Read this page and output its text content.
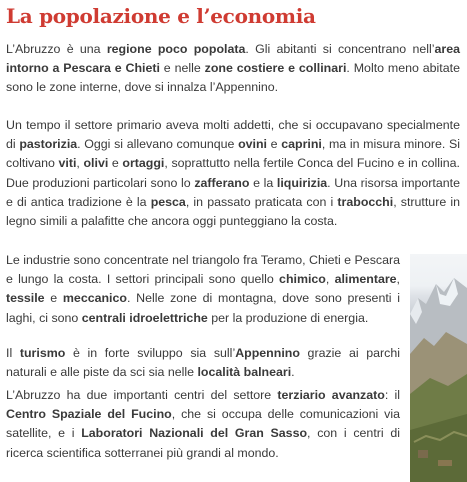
La popolazione e l’economia

L’Abruzzo è una regione poco popolata. Gli abitanti si concentrano nell’area intorno a Pescara e Chieti e nelle zone costiere e collinari. Molto meno abitate sono le zone interne, dove si innalza l’Appennino.

Un tempo il settore primario aveva molti addetti, che si occupavano specialmente di pastorizia. Oggi si allevano comunque ovini e caprini, ma in misura minore. Si coltivano viti, olivi e ortaggi, soprattutto nella fertile Conca del Fucino e in collina. Due produzioni particolari sono lo zafferano e la liquirizia. Una risorsa importante e di antica tradizione è la pesca, in passato praticata con i trabocchi, strutture in legno simili a palafitte che ancora oggi punteggiano la costa.

Le industrie sono concentrate nel triangolo fra Teramo, Chieti e Pescara e lungo la costa. I settori principali sono quello chimico, alimentare, tessile e meccanico. Nelle zone di montagna, dove sono presenti i laghi, ci sono centrali idroelettriche per la produzione di energia.

Il turismo è in forte sviluppo sia sull’Appennino grazie ai parchi naturali e alle piste da sci sia nelle località balneari.

L’Abruzzo ha due importanti centri del settore terziario avanzato: il Centro Spaziale del Fucino, che si occupa delle comunicazioni via satellite, e i Laboratori Nazionali del Gran Sasso, con i centri di ricerca scientifica sotterranei più grandi al mondo.
